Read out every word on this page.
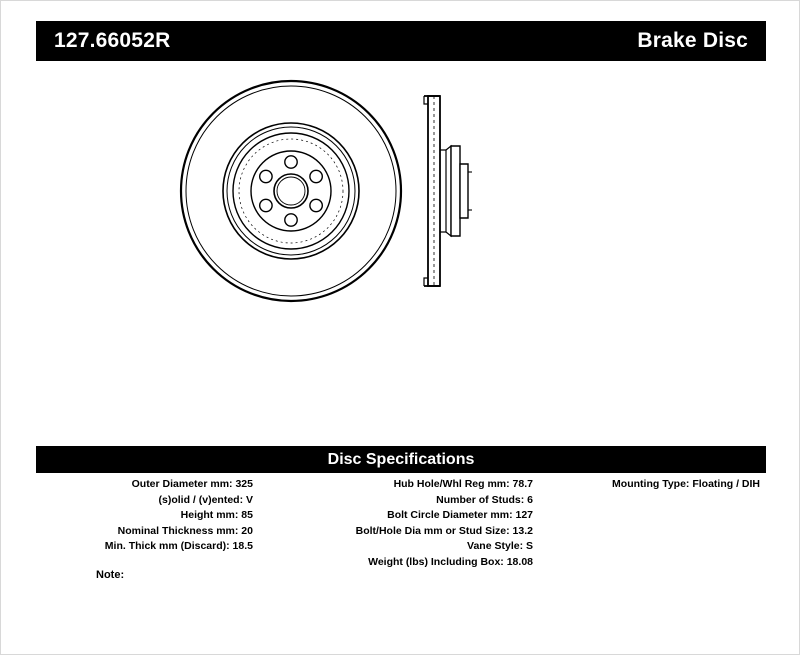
127.66052R	Brake Disc
Disc Specifications
Outer Diameter mm: 325
(s)olid / (v)ented: V
Height mm: 85
Nominal Thickness mm: 20
Min. Thick mm (Discard): 18.5
Hub Hole/Whl Reg mm: 78.7
Number of Studs: 6
Bolt Circle Diameter mm: 127
Bolt/Hole Dia mm or Stud Size: 13.2
Vane Style: S
Weight (lbs) Including Box: 18.08
Mounting Type: Floating / DIH
Note:
